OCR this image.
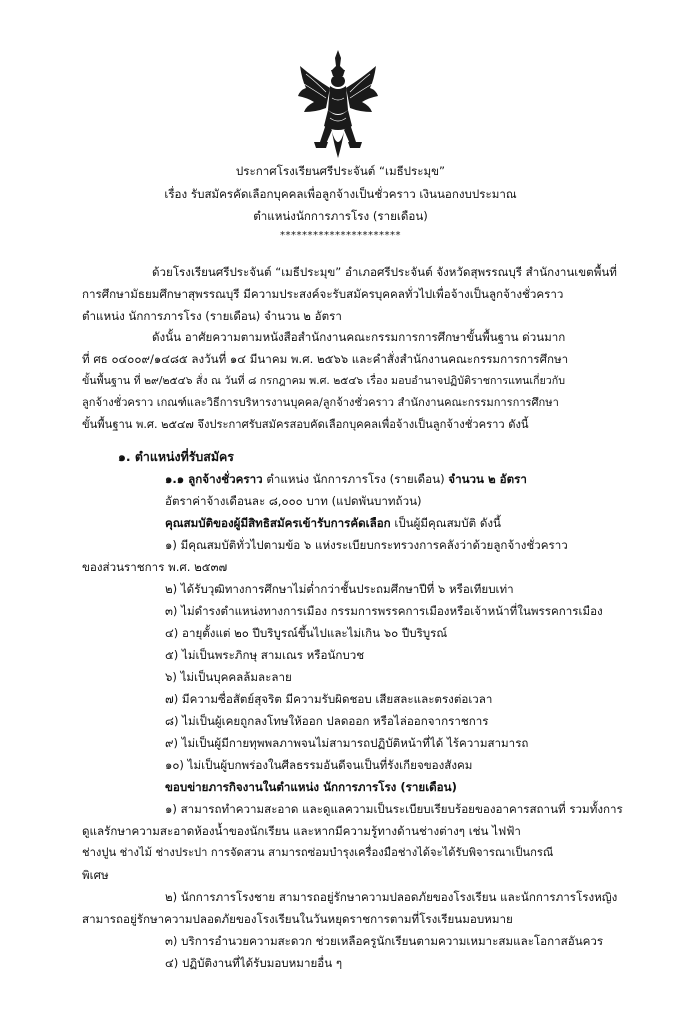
ประกาศโรงเรียนศรีประจันต์ “เมธีประมุข”
เรื่อง รับสมัครคัดเลือกบุคคลเพื่อลูกจ้างเป็นชั่วคราว เงินนอกงบประมาณ
ตำแหน่งนักการภารโรง (รายเดือน)
**********************
ด้วยโรงเรียนศรีประจันต์ “เมธีประมุข” อำเภอศรีประจันต์ จังหวัดสุพรรณบุรี สำนักงานเขตพื้นที่
การศึกษามัธยมศึกษาสุพรรณบุรี มีความประสงค์จะรับสมัครบุคคลทั่วไปเพื่อจ้างเป็นลูกจ้างชั่วคราว
ตำแหน่ง นักการภารโรง (รายเดือน) จำนวน ๒ อัตรา
ดังนั้น อาศัยความตามหนังสือสำนักงานคณะกรรมการการศึกษาขั้นพื้นฐาน ด่วนมาก
ที่ ศธ ๐๔๐๐๙/๑๔๘๕ ลงวันที่ ๑๔ มีนาคม พ.ศ. ๒๕๖๖ และคำสั่งสำนักงานคณะกรรมการการศึกษา
ขั้นพื้นฐาน ที่ ๒๙/๒๕๔๖ สั่ง ณ วันที่ ๘ กรกฎาคม พ.ศ. ๒๕๔๖ เรื่อง มอบอำนาจปฏิบัติราชการแทนเกี่ยวกับ
ลูกจ้างชั่วคราว เกณฑ์และวิธีการบริหารงานบุคคล/ลูกจ้างชั่วคราว สำนักงานคณะกรรมการการศึกษา
ขั้นพื้นฐาน พ.ศ. ๒๕๔๗ จึงประกาศรับสมัครสอบคัดเลือกบุคคลเพื่อจ้างเป็นลูกจ้างชั่วคราว ดังนี้
๑. ตำแหน่งที่รับสมัคร
๑.๑ ลูกจ้างชั่วคราว ตำแหน่ง นักการภารโรง (รายเดือน) จำนวน ๒ อัตรา
อัตราค่าจ้างเดือนละ ๘,๐๐๐ บาท (แปดพันบาทถ้วน)
คุณสมบัติของผู้มีสิทธิสมัครเข้ารับการคัดเลือก เป็นผู้มีคุณสมบัติ ดังนี้
๑) มีคุณสมบัติทั่วไปตามข้อ ๖ แห่งระเบียบกระทรวงการคลังว่าด้วยลูกจ้างชั่วคราว
ของส่วนราชการ พ.ศ. ๒๕๓๗
๒) ได้รับวุฒิทางการศึกษาไม่ต่ำกว่าชั้นประถมศึกษาปีที่ ๖ หรือเทียบเท่า
๓) ไม่ดำรงตำแหน่งทางการเมือง กรรมการพรรคการเมืองหรือเจ้าหน้าที่ในพรรคการเมือง
๔) อายุตั้งแต่ ๒๐ ปีบริบูรณ์ขึ้นไปและไม่เกิน ๖๐ ปีบริบูรณ์
๕) ไม่เป็นพระภิกษุ สามเณร หรือนักบวช
๖) ไม่เป็นบุคคลล้มละลาย
๗) มีความซื่อสัตย์สุจริต มีความรับผิดชอบ เสียสละและตรงต่อเวลา
๘) ไม่เป็นผู้เคยถูกลงโทษให้ออก ปลดออก หรือไล่ออกจากราชการ
๙) ไม่เป็นผู้มีกายทุพพลภาพจนไม่สามารถปฏิบัติหน้าที่ได้ ไร้ความสามารถ
๑๐) ไม่เป็นผู้บกพร่องในศีลธรรมอันดีจนเป็นที่รังเกียจของสังคม
ขอบข่ายภารกิจงานในตำแหน่ง นักการภารโรง (รายเดือน)
๑) สามารถทำความสะอาด และดูแลความเป็นระเบียบเรียบร้อยของอาคารสถานที่ รวมทั้งการ
ดูแลรักษาความสะอาดห้องน้ำของนักเรียน และหากมีความรู้ทางด้านช่างต่างๆ เช่น ไฟฟ้า
ช่างปูน ช่างไม้ ช่างประปา การจัดสวน สามารถซ่อมบำรุงเครื่องมือช่างได้จะได้รับพิจารณาเป็นกรณี
พิเศษ
๒) นักการภารโรงชาย สามารถอยู่รักษาความปลอดภัยของโรงเรียน และนักการภารโรงหญิง
สามารถอยู่รักษาความปลอดภัยของโรงเรียนในวันหยุดราชการตามที่โรงเรียนมอบหมาย
๓) บริการอำนวยความสะดวก ช่วยเหลือครูนักเรียนตามความเหมาะสมและโอกาสอันควร
๔) ปฏิบัติงานที่ได้รับมอบหมายอื่น ๆ
